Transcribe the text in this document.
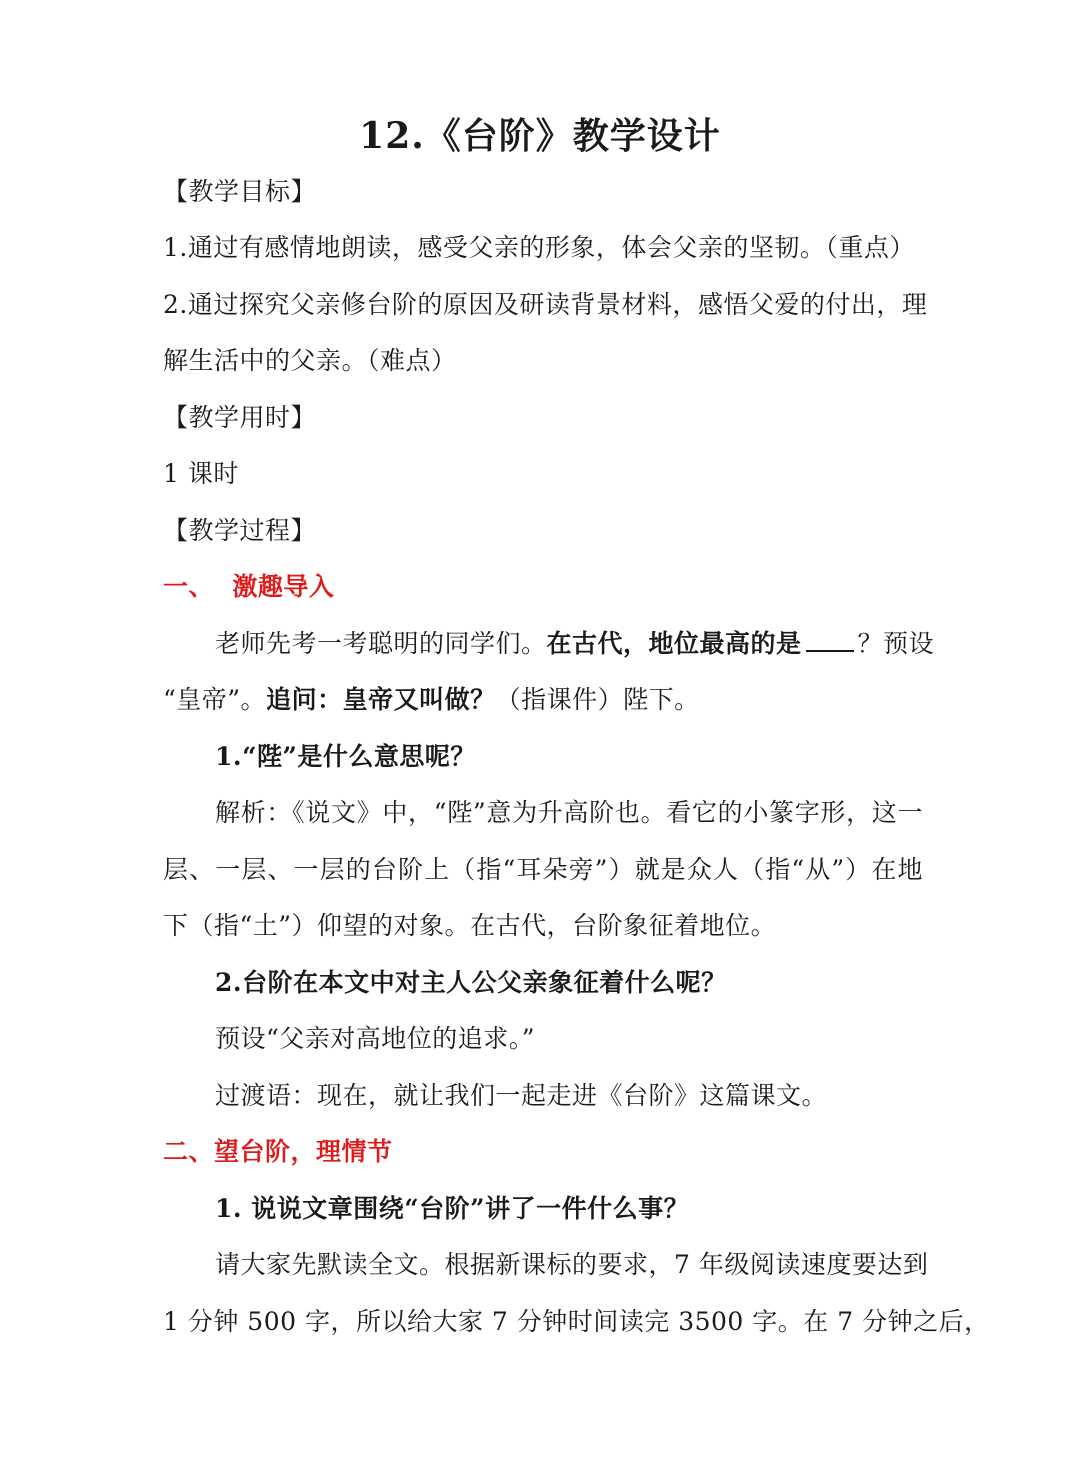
12.《台阶》教学设计
【教学目标】
1.通过有感情地朗读，感受父亲的形象，体会父亲的坚韧。（重点）
2.通过探究父亲修台阶的原因及研读背景材料，感悟父爱的付出，理
解生活中的父亲。（难点）
【教学用时】
1 课时
【教学过程】
一、  激趣导入
老师先考一考聪明的同学们。在古代，地位最高的是 ？预设
“皇帝”。追问：皇帝又叫做？（指课件）陛下。
1.“陛”是什么意思呢？
解析：《说文》中，“陛”意为升高阶也。看它的小篆字形，这一
层、一层、一层的台阶上（指“耳朵旁”）就是众人（指“从”）在地
下（指“土”）仰望的对象。在古代，台阶象征着地位。
2.台阶在本文中对主人公父亲象征着什么呢？
预设“父亲对高地位的追求。”
过渡语：现在，就让我们一起走进《台阶》这篇课文。
二、望台阶，理情节
1. 说说文章围绕“台阶”讲了一件什么事？
请大家先默读全文。根据新课标的要求，7 年级阅读速度要达到
1 分钟 500 字，所以给大家 7 分钟时间读完 3500 字。在 7 分钟之后，
